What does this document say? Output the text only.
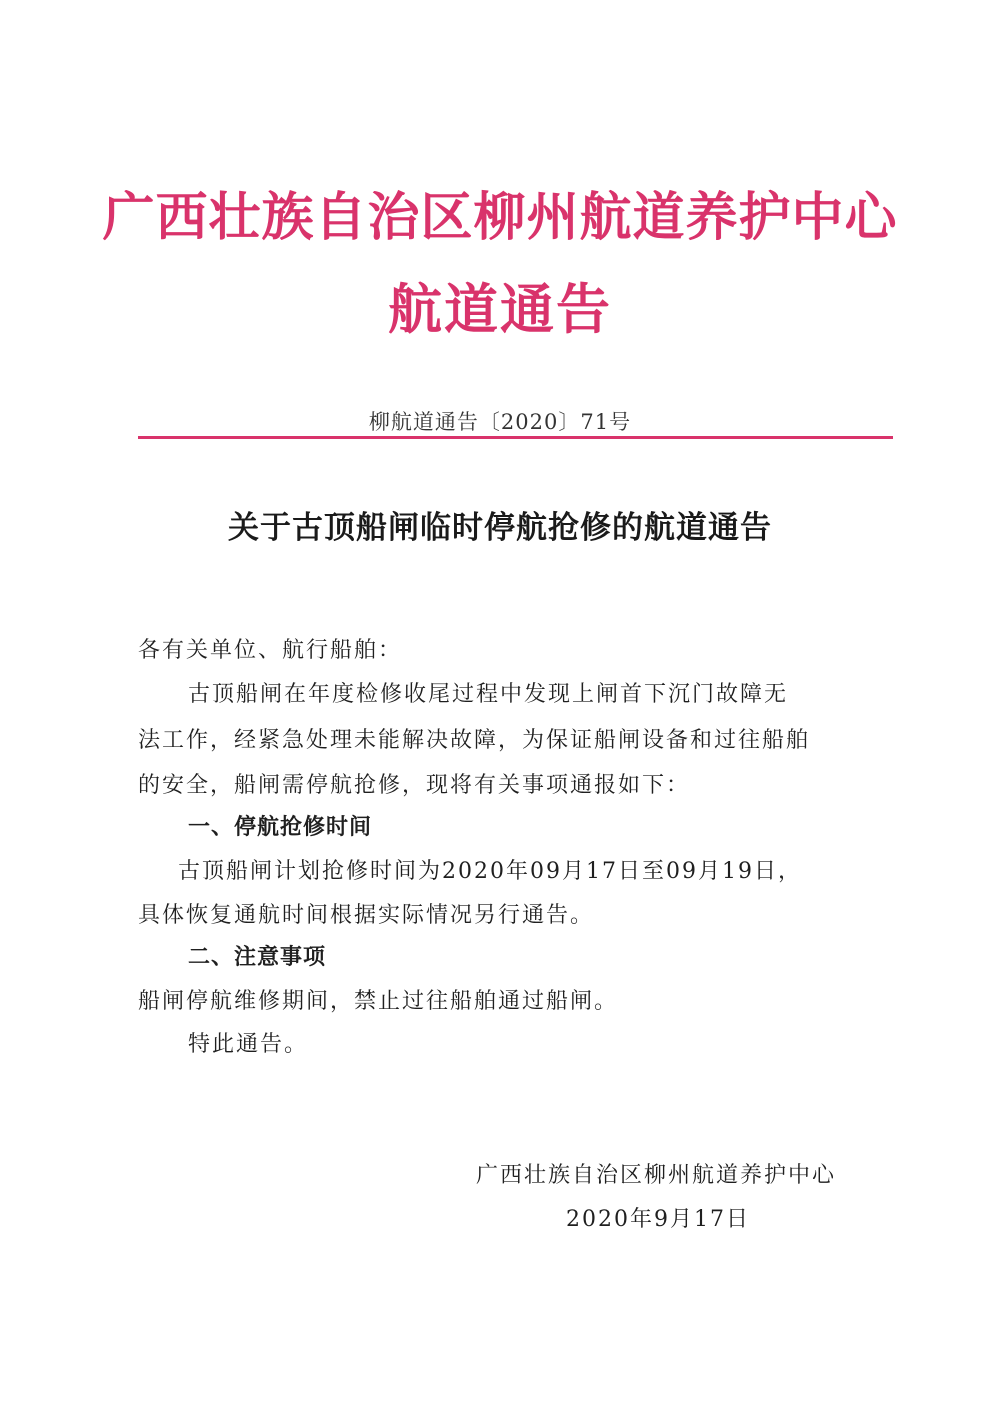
广西壮族自治区柳州航道养护中心
航道通告
柳航道通告〔2020〕71号
关于古顶船闸临时停航抢修的航道通告
各有关单位、航行船舶：
古顶船闸在年度检修收尾过程中发现上闸首下沉门故障无
法工作，经紧急处理未能解决故障，为保证船闸设备和过往船舶
的安全，船闸需停航抢修，现将有关事项通报如下：
一、停航抢修时间
古顶船闸计划抢修时间为2020年09月17日至09月19日，
具体恢复通航时间根据实际情况另行通告。
二、注意事项
船闸停航维修期间，禁止过往船舶通过船闸。
特此通告。
广西壮族自治区柳州航道养护中心
2020年9月17日
